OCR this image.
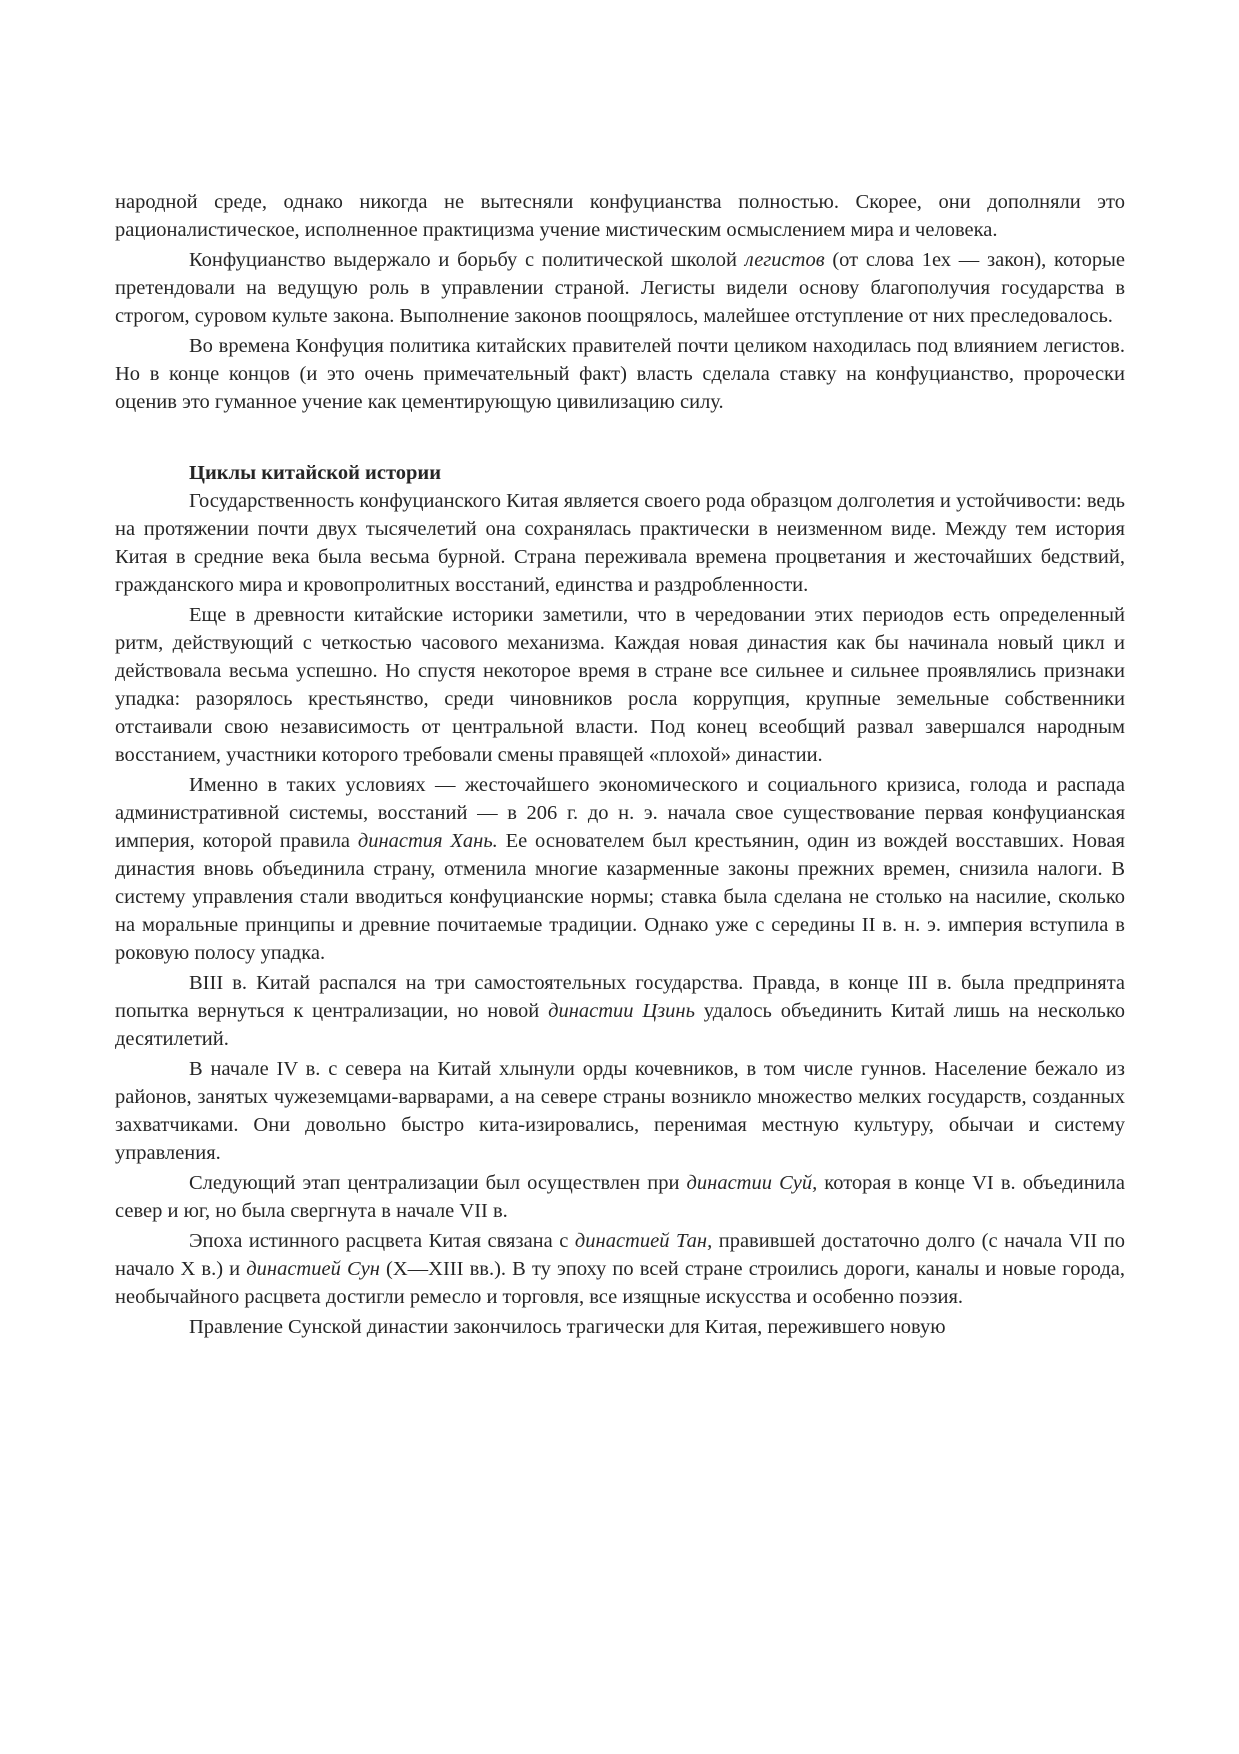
народной среде, однако никогда не вытесняли конфуцианства полностью. Скорее, они дополняли это рационалистическое, исполненное практицизма учение мистическим осмыслением мира и человека.

Конфуцианство выдержало и борьбу с политической школой легистов (от слова 1ех — закон), которые претендовали на ведущую роль в управлении страной. Легисты видели основу благополучия государства в строгом, суровом культе закона. Выполнение законов поощрялось, малейшее отступление от них преследовалось.

Во времена Конфуция политика китайских правителей почти целиком находилась под влиянием легистов. Но в конце концов (и это очень примечательный факт) власть сделала ставку на конфуцианство, пророчески оценив это гуманное учение как цементирующую цивилизацию силу.

Циклы китайской истории

Государственность конфуцианского Китая является своего рода образцом долголетия и устойчивости: ведь на протяжении почти двух тысячелетий она сохранялась практически в неизменном виде. Между тем история Китая в средние века была весьма бурной. Страна переживала времена процветания и жесточайших бедствий, гражданского мира и кровопролитных восстаний, единства и раздробленности.

Еще в древности китайские историки заметили, что в чередовании этих периодов есть определенный ритм, действующий с четкостью часового механизма. Каждая новая династия как бы начинала новый цикл и действовала весьма успешно. Но спустя некоторое время в стране все сильнее и сильнее проявлялись признаки упадка: разорялось крестьянство, среди чиновников росла коррупция, крупные земельные собственники отстаивали свою независимость от центральной власти. Под конец всеобщий развал завершался народным восстанием, участники которого требовали смены правящей «плохой» династии.

Именно в таких условиях — жесточайшего экономического и социального кризиса, голода и распада административной системы, восстаний — в 206 г. до н. э. начала свое существование первая конфуцианская империя, которой правила династия Хань. Ее основателем был крестьянин, один из вождей восставших. Новая династия вновь объединила страну, отменила многие казарменные законы прежних времен, снизила налоги. В систему управления стали вводиться конфуцианские нормы; ставка была сделана не столько на насилие, сколько на моральные принципы и древние почитаемые традиции. Однако уже с середины II в. н. э. империя вступила в роковую полосу упадка.

ВIII в. Китай распался на три самостоятельных государства. Правда, в конце III в. была предпринята попытка вернуться к централизации, но новой династии Цзинь удалось объединить Китай лишь на несколько десятилетий.

В начале IV в. с севера на Китай хлынули орды кочевников, в том числе гуннов. Население бежало из районов, занятых чужеземцами-варварами, а на севере страны возникло множество мелких государств, созданных захватчиками. Они довольно быстро кита-изировались, перенимая местную культуру, обычаи и систему управления.

Следующий этап централизации был осуществлен при династии Суй, которая в конце VI в. объединила север и юг, но была свергнута в начале VII в.

Эпоха истинного расцвета Китая связана с династией Тан, правившей достаточно долго (с начала VII по начало X в.) и династией Сун (X—XIII вв.). В ту эпоху по всей стране строились дороги, каналы и новые города, необычайного расцвета достигли ремесло и торговля, все изящные искусства и особенно поэзия.

Правление Сунской династии закончилось трагически для Китая, пережившего новую
